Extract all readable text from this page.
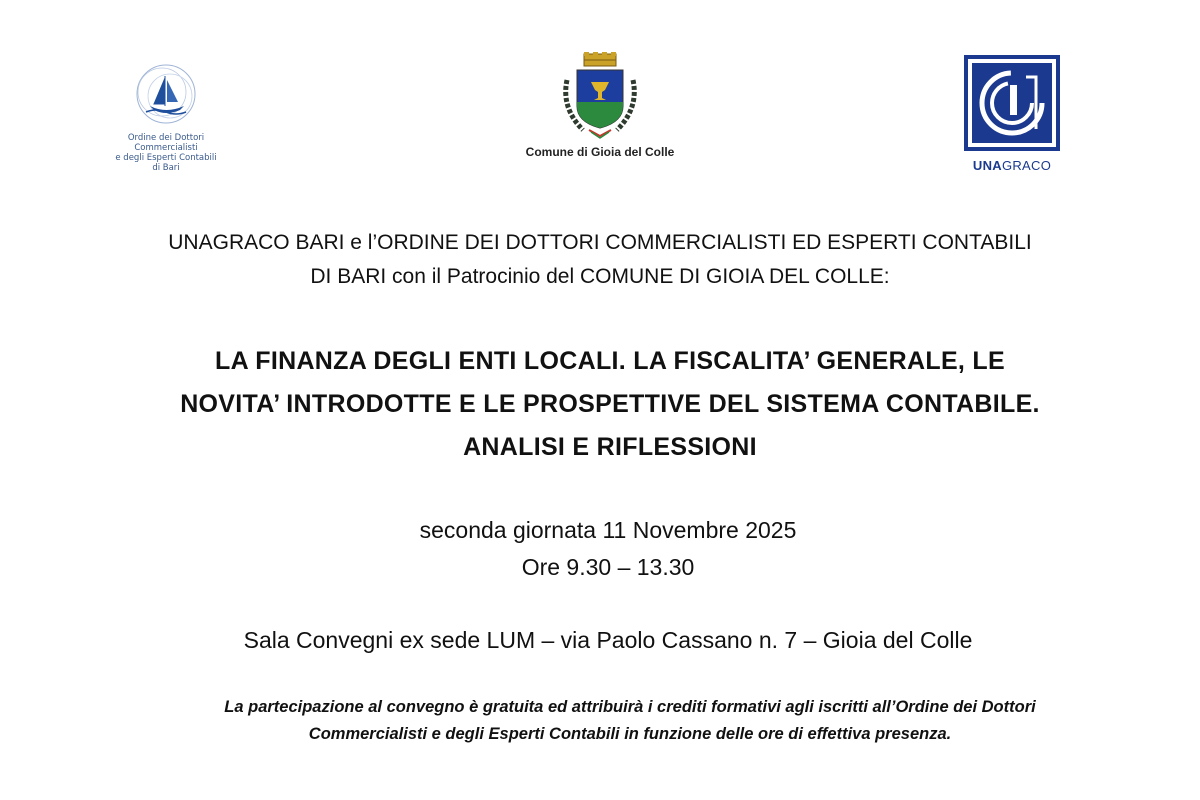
Ordine dei Dottori Commercialisti
e degli Esperti Contabili
di Bari
Comune di Gioia del Colle
UNAGRACO
UNAGRACO BARI e l’ORDINE DEI DOTTORI COMMERCIALISTI ED ESPERTI CONTABILI
DI BARI con il Patrocinio del COMUNE DI GIOIA DEL COLLE:
LA FINANZA DEGLI ENTI LOCALI. LA FISCALITA’ GENERALE, LE
NOVITA’ INTRODOTTE E LE PROSPETTIVE DEL SISTEMA CONTABILE.
ANALISI E RIFLESSIONI
seconda giornata 11 Novembre 2025
Ore 9.30 – 13.30
Sala Convegni ex sede LUM – via Paolo Cassano n. 7 – Gioia del Colle
La partecipazione al convegno è gratuita ed attribuirà i crediti formativi agli iscritti all’Ordine dei Dottori
Commercialisti e degli Esperti Contabili in funzione delle ore di effettiva presenza.
